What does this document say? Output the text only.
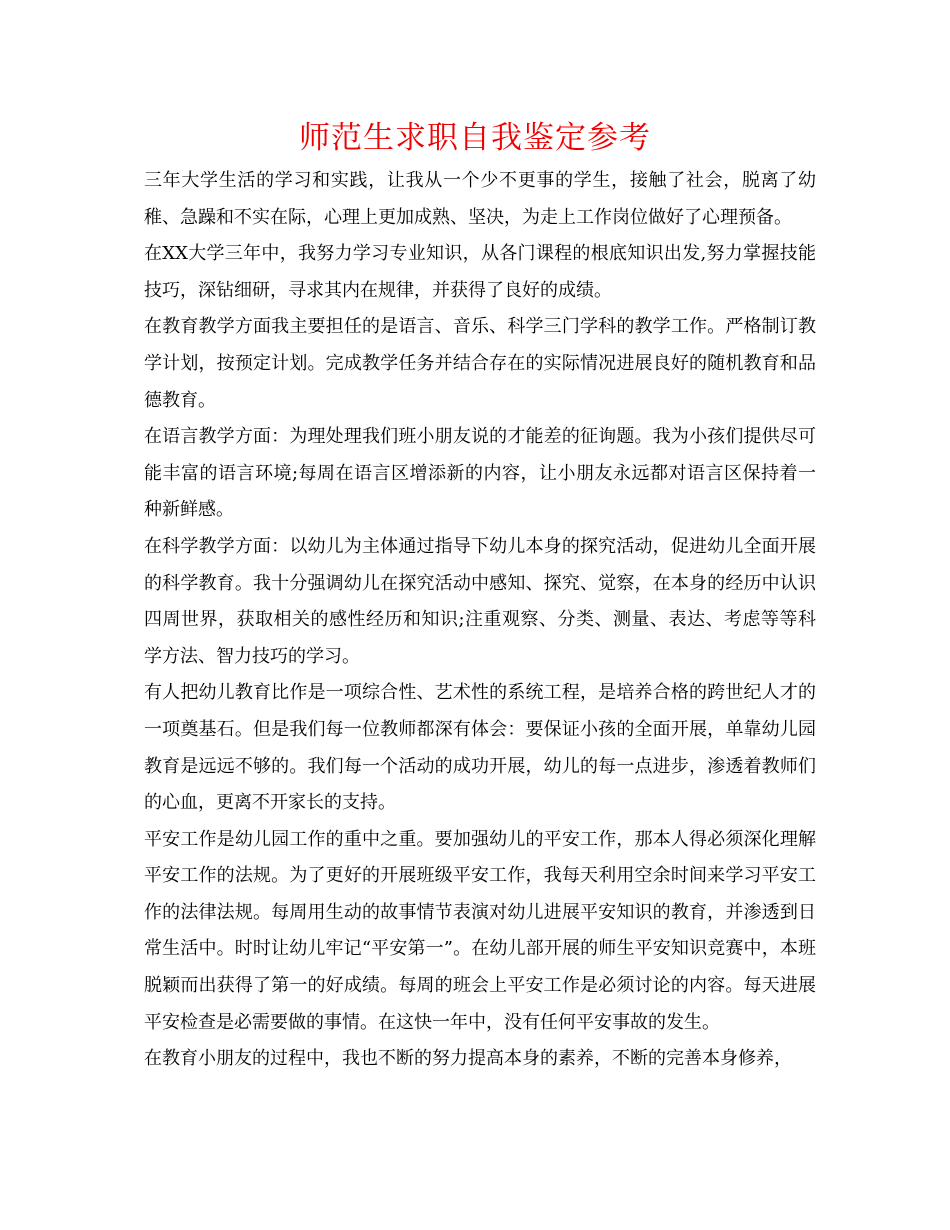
师范生求职自我鉴定参考

三年大学生活的学习和实践，让我从一个少不更事的学生，接触了社会，脱离了幼稚、急躁和不实在际，心理上更加成熟、坚决，为走上工作岗位做好了心理预备。

在XX大学三年中，我努力学习专业知识，从各门课程的根底知识出发,努力掌握技能技巧，深钻细研，寻求其内在规律，并获得了良好的成绩。

在教育教学方面我主要担任的是语言、音乐、科学三门学科的教学工作。严格制订教学计划，按预定计划。完成教学任务并结合存在的实际情况进展良好的随机教育和品德教育。

在语言教学方面：为理处理我们班小朋友说的才能差的征询题。我为小孩们提供尽可能丰富的语言环境;每周在语言区增添新的内容，让小朋友永远都对语言区保持着一种新鲜感。

在科学教学方面：以幼儿为主体通过指导下幼儿本身的探究活动，促进幼儿全面开展的科学教育。我十分强调幼儿在探究活动中感知、探究、觉察，在本身的经历中认识四周世界，获取相关的感性经历和知识;注重观察、分类、测量、表达、考虑等等科学方法、智力技巧的学习。

有人把幼儿教育比作是一项综合性、艺术性的系统工程，是培养合格的跨世纪人才的一项奠基石。但是我们每一位教师都深有体会：要保证小孩的全面开展，单靠幼儿园教育是远远不够的。我们每一个活动的成功开展，幼儿的每一点进步，渗透着教师们的心血，更离不开家长的支持。

平安工作是幼儿园工作的重中之重。要加强幼儿的平安工作，那本人得必须深化理解平安工作的法规。为了更好的开展班级平安工作，我每天利用空余时间来学习平安工作的法律法规。每周用生动的故事情节表演对幼儿进展平安知识的教育，并渗透到日常生活中。时时让幼儿牢记“平安第一”。在幼儿部开展的师生平安知识竞赛中，本班脱颖而出获得了第一的好成绩。每周的班会上平安工作是必须讨论的内容。每天进展平安检查是必需要做的事情。在这快一年中，没有任何平安事故的发生。

在教育小朋友的过程中，我也不断的努力提高本身的素养，不断的完善本身修养，
